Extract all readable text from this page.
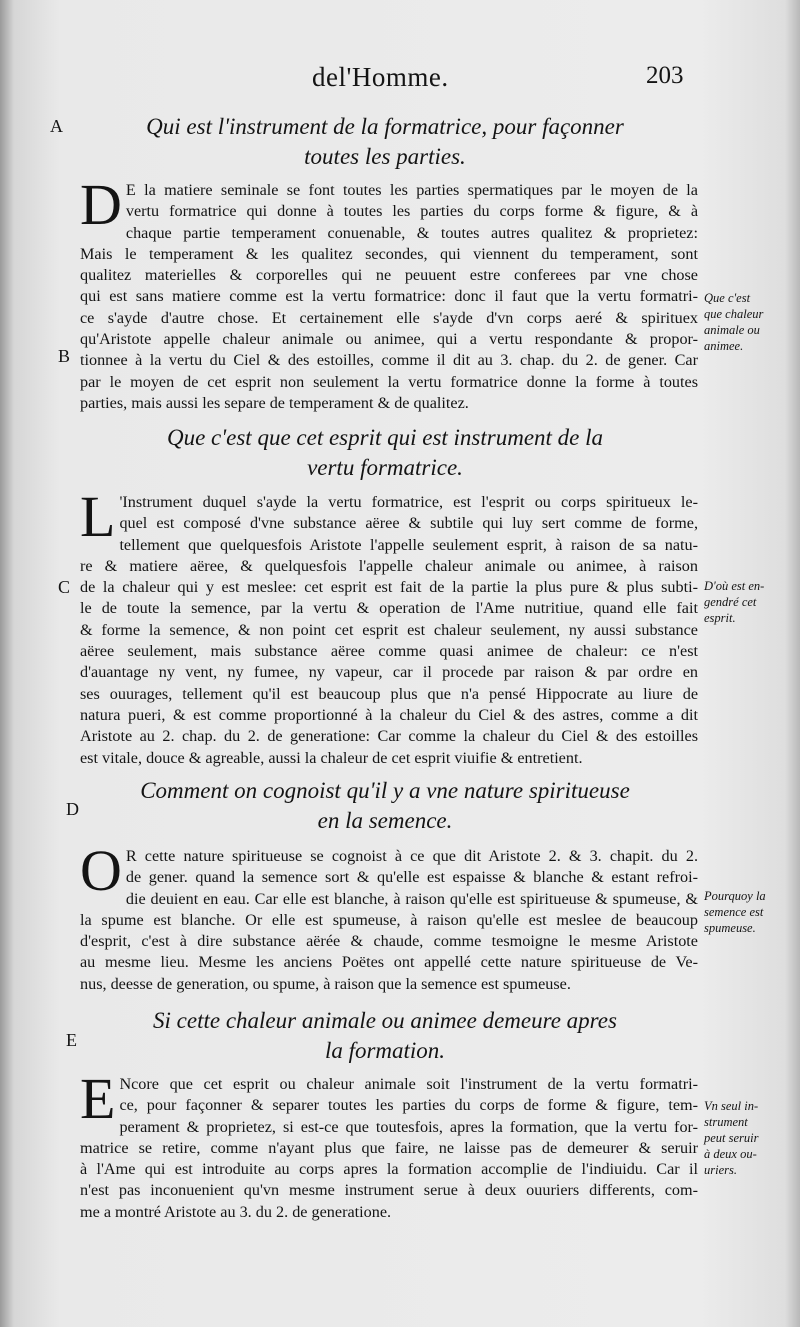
del'Homme.	203
A
B
C
D
E
Qui est l'instrument de la formatrice, pour façonner
toutes les parties.
D E la matiere seminale se font toutes les parties spermatiques par le moyen de la
vertu formatrice qui donne à toutes les parties du corps forme & figure, & à
chaque partie temperament conuenable, & toutes autres qualitez & proprietez:
Mais le temperament & les qualitez secondes, qui viennent du temperament, sont
qualitez materielles & corporelles qui ne peuuent estre conferees par vne chose
qui est sans matiere comme est la vertu formatrice: donc il faut que la vertu formatri-
ce s'ayde d'autre chose. Et certainement elle s'ayde d'vn corps aeré & spirituex
qu'Aristote appelle chaleur animale ou animee, qui a vertu respondante & propor-
tionnee à la vertu du Ciel & des estoilles, comme il dit au 3. chap. du 2. de gener. Car
par le moyen de cet esprit non seulement la vertu formatrice donne la forme à toutes
parties, mais aussi les separe de temperament & de qualitez.
Que c'est
que chaleur
animale ou
animee.
Que c'est que cet esprit qui est instrument de la
vertu formatrice.
L 'Instrument duquel s'ayde la vertu formatrice, est l'esprit ou corps spiritueux le-
quel est composé d'vne substance aëree & subtile qui luy sert comme de forme,
tellement que quelquesfois Aristote l'appelle seulement esprit, à raison de sa natu-
re & matiere aëree, & quelquesfois l'appelle chaleur animale ou animee, à raison
de la chaleur qui y est meslee: cet esprit est fait de la partie la plus pure & plus subti-
le de toute la semence, par la vertu & operation de l'Ame nutritiue, quand elle fait
& forme la semence, & non point cet esprit est chaleur seulement, ny aussi substance
aëree seulement, mais substance aëree comme quasi animee de chaleur: ce n'est
d'auantage ny vent, ny fumee, ny vapeur, car il procede par raison & par ordre en
ses ouurages, tellement qu'il est beaucoup plus que n'a pensé Hippocrate au liure de
natura pueri, & est comme proportionné à la chaleur du Ciel & des astres, comme a dit
Aristote au 2. chap. du 2. de generatione: Car comme la chaleur du Ciel & des estoilles
est vitale, douce & agreable, aussi la chaleur de cet esprit viuifie & entretient.
D'où est en-
gendré cet
esprit.
Comment on cognoist qu'il y a vne nature spiritueuse
en la semence.
O R cette nature spiritueuse se cognoist à ce que dit Aristote 2. & 3. chapit. du 2.
de gener. quand la semence sort & qu'elle est espaisse & blanche & estant refroi-
die deuient en eau. Car elle est blanche, à raison qu'elle est spiritueuse & spumeuse, &
la spume est blanche. Or elle est spumeuse, à raison qu'elle est meslee de beaucoup
d'esprit, c'est à dire substance aërée & chaude, comme tesmoigne le mesme Aristote
au mesme lieu. Mesme les anciens Poëtes ont appellé cette nature spiritueuse de Ve-
nus, deesse de generation, ou spume, à raison que la semence est spumeuse.
Pourquoy la
semence est
spumeuse.
Si cette chaleur animale ou animee demeure apres
la formation.
E Ncore que cet esprit ou chaleur animale soit l'instrument de la vertu formatri-
ce, pour façonner & separer toutes les parties du corps de forme & figure, tem-
perament & proprietez, si est-ce que toutesfois, apres la formation, que la vertu for-
matrice se retire, comme n'ayant plus que faire, ne laisse pas de demeurer & seruir
à l'Ame qui est introduite au corps apres la formation accomplie de l'indiuidu. Car il
n'est pas inconuenient qu'vn mesme instrument serue à deux ouuriers differents, com-
me a montré Aristote au 3. du 2. de generatione.
Vn seul in-
strument
peut seruir
à deux ou-
uriers.
